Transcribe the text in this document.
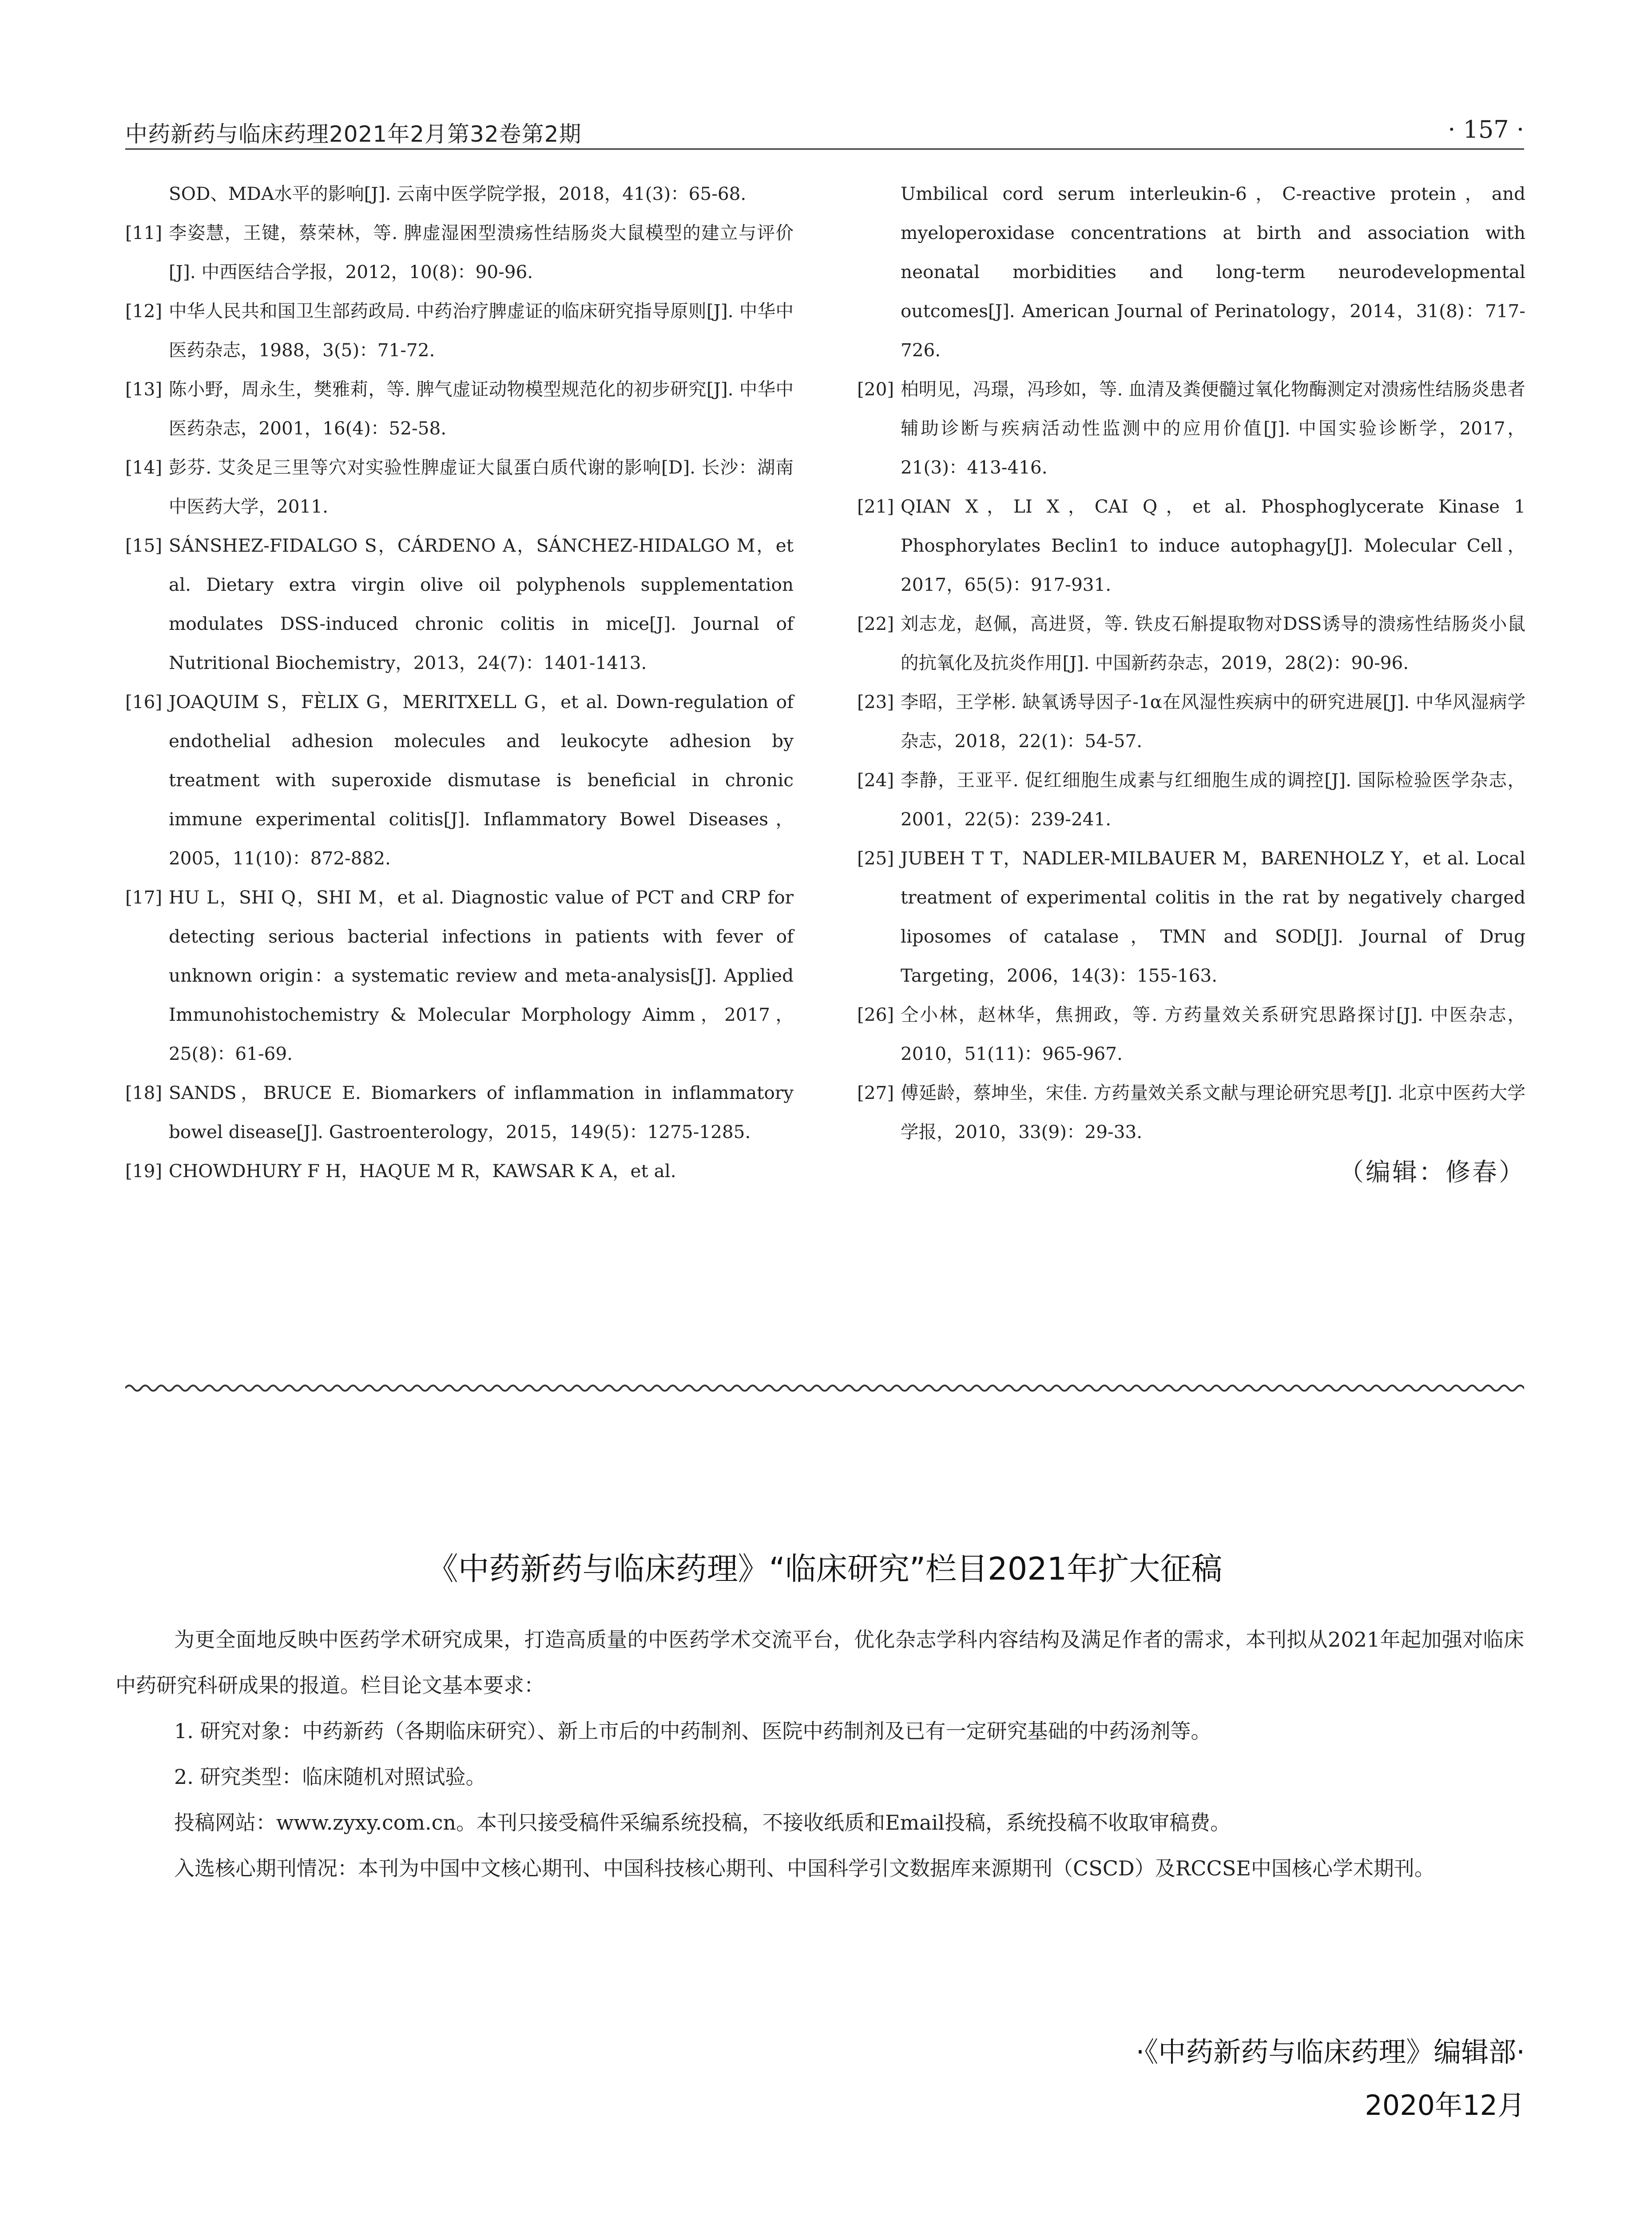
中药新药与临床药理2021年2月第32卷第2期	· 157 ·
SOD、MDA水平的影响[J]. 云南中医学院学报，2018，41(3)：65-68.
[11] 李姿慧，王键，蔡荣林，等. 脾虚湿困型溃疡性结肠炎大鼠模型的建立与评价[J]. 中西医结合学报，2012，10(8)：90-96.
[12] 中华人民共和国卫生部药政局. 中药治疗脾虚证的临床研究指导原则[J]. 中华中医药杂志，1988，3(5)：71-72.
[13] 陈小野，周永生，樊雅莉，等. 脾气虚证动物模型规范化的初步研究[J]. 中华中医药杂志，2001，16(4)：52-58.
[14] 彭芬. 艾灸足三里等穴对实验性脾虚证大鼠蛋白质代谢的影响[D]. 长沙：湖南中医药大学，2011.
[15] SÁNSHEZ-FIDALGO S，CÁRDENO A，SÁNCHEZ-HIDALGO M，et al. Dietary extra virgin olive oil polyphenols supplementation modulates DSS-induced chronic colitis in mice[J]. Journal of Nutritional Biochemistry，2013，24(7)：1401-1413.
[16] JOAQUIM S，FÈLIX G，MERITXELL G，et al. Down-regulation of endothelial adhesion molecules and leukocyte adhesion by treatment with superoxide dismutase is beneficial in chronic immune experimental colitis[J]. Inflammatory Bowel Diseases，2005，11(10)：872-882.
[17] HU L，SHI Q，SHI M，et al. Diagnostic value of PCT and CRP for detecting serious bacterial infections in patients with fever of unknown origin：a systematic review and meta-analysis[J]. Applied Immunohistochemistry & Molecular Morphology Aimm，2017，25(8)：61-69.
[18] SANDS，BRUCE E. Biomarkers of inflammation in inflammatory bowel disease[J]. Gastroenterology，2015，149(5)：1275-1285.
[19] CHOWDHURY F H，HAQUE M R，KAWSAR K A，et al.
Umbilical cord serum interleukin-6，C-reactive protein，and myeloperoxidase concentrations at birth and association with neonatal morbidities and long-term neurodevelopmental outcomes[J]. American Journal of Perinatology，2014，31(8)：717-726.
[20] 柏明见，冯璟，冯珍如，等. 血清及粪便髓过氧化物酶测定对溃疡性结肠炎患者辅助诊断与疾病活动性监测中的应用价值[J]. 中国实验诊断学，2017，21(3)：413-416.
[21] QIAN X，LI X，CAI Q，et al. Phosphoglycerate Kinase 1 Phosphorylates Beclin1 to induce autophagy[J]. Molecular Cell，2017，65(5)：917-931.
[22] 刘志龙，赵佩，高进贤，等. 铁皮石斛提取物对DSS诱导的溃疡性结肠炎小鼠的抗氧化及抗炎作用[J]. 中国新药杂志，2019，28(2)：90-96.
[23] 李昭，王学彬. 缺氧诱导因子-1α在风湿性疾病中的研究进展[J]. 中华风湿病学杂志，2018，22(1)：54-57.
[24] 李静，王亚平. 促红细胞生成素与红细胞生成的调控[J]. 国际检验医学杂志，2001，22(5)：239-241.
[25] JUBEH T T，NADLER-MILBAUER M，BARENHOLZ Y，et al. Local treatment of experimental colitis in the rat by negatively charged liposomes of catalase，TMN and SOD[J]. Journal of Drug Targeting，2006，14(3)：155-163.
[26] 仝小林，赵林华，焦拥政，等. 方药量效关系研究思路探讨[J]. 中医杂志，2010，51(11)：965-967.
[27] 傅延龄，蔡坤坐，宋佳. 方药量效关系文献与理论研究思考[J]. 北京中医药大学学报，2010，33(9)：29-33.
（编辑：修春）
《中药新药与临床药理》“临床研究”栏目2021年扩大征稿

为更全面地反映中医药学术研究成果，打造高质量的中医药学术交流平台，优化杂志学科内容结构及满足作者的需求，本刊拟从2021年起加强对临床中药研究科研成果的报道。栏目论文基本要求：

1. 研究对象：中药新药（各期临床研究）、新上市后的中药制剂、医院中药制剂及已有一定研究基础的中药汤剂等。

2. 研究类型：临床随机对照试验。

投稿网站：www.zyxy.com.cn。本刊只接受稿件采编系统投稿，不接收纸质和Email投稿，系统投稿不收取审稿费。

入选核心期刊情况：本刊为中国中文核心期刊、中国科技核心期刊、中国科学引文数据库来源期刊（CSCD）及RCCSE中国核心学术期刊。

·《中药新药与临床药理》编辑部·
2020年12月
